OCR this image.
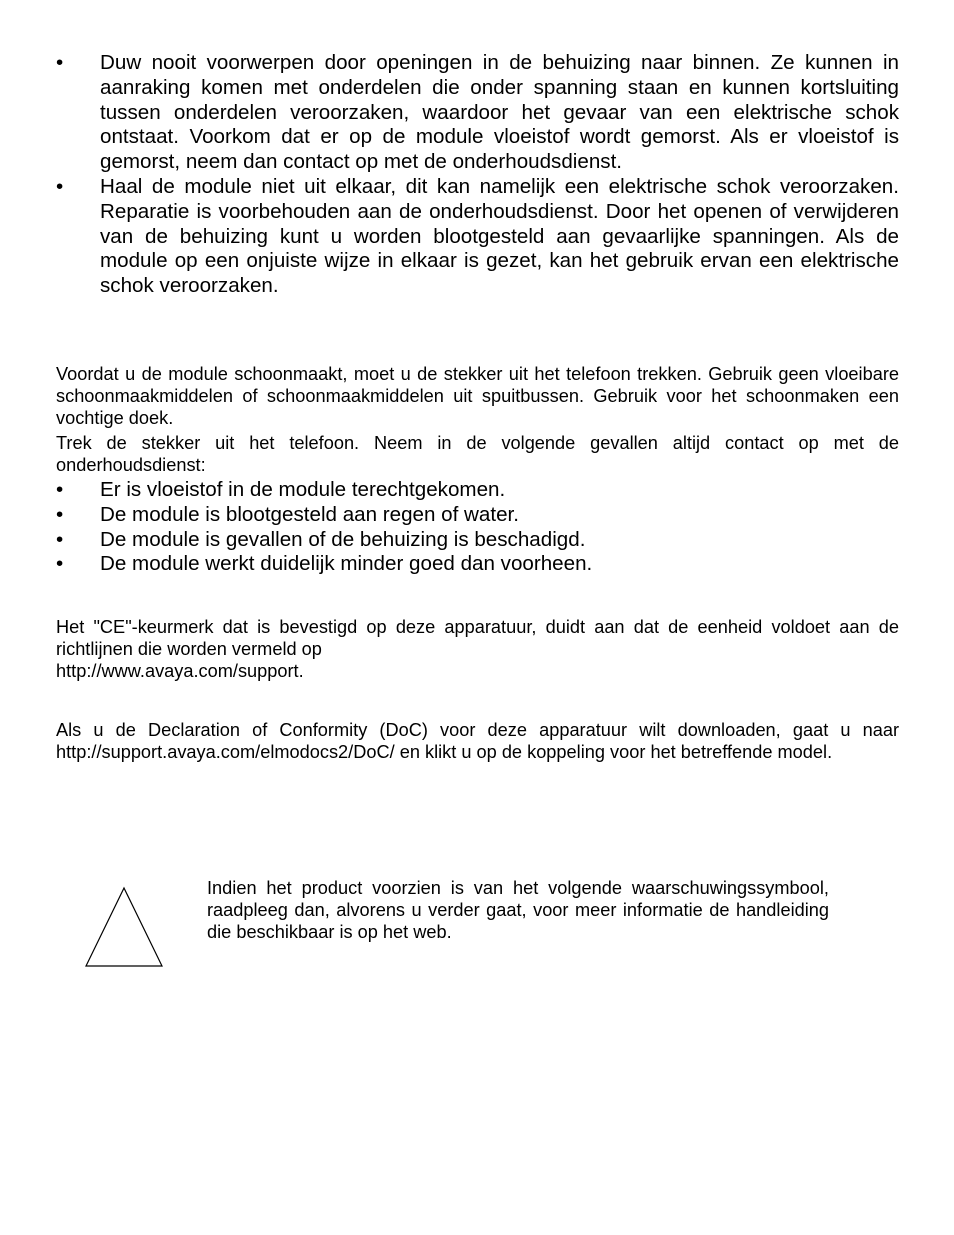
• Duw nooit voorwerpen door openingen in de behuizing naar binnen. Ze kunnen in aanraking komen met onderdelen die onder spanning staan en kunnen kortsluiting tussen onderdelen veroorzaken, waardoor het gevaar van een elektrische schok ontstaat. Voorkom dat er op de module vloeistof wordt gemorst. Als er vloeistof is gemorst, neem dan contact op met de onderhoudsdienst.
• Haal de module niet uit elkaar, dit kan namelijk een elektrische schok veroorzaken. Reparatie is voorbehouden aan de onderhoudsdienst. Door het openen of verwijderen van de behuizing kunt u worden blootgesteld aan gevaarlijke spanningen. Als de module op een onjuiste wijze in elkaar is gezet, kan het gebruik ervan een elektrische schok veroorzaken.

Voordat u de module schoonmaakt, moet u de stekker uit het telefoon trekken. Gebruik geen vloeibare schoonmaakmiddelen of schoonmaakmiddelen uit spuitbussen. Gebruik voor het schoonmaken een vochtige doek.

Trek de stekker uit het telefoon. Neem in de volgende gevallen altijd contact op met de onderhoudsdienst:

• Er is vloeistof in de module terechtgekomen.
• De module is blootgesteld aan regen of water.
• De module is gevallen of de behuizing is beschadigd.
• De module werkt duidelijk minder goed dan voorheen.
Het "CE"-keurmerk dat is bevestigd op deze apparatuur, duidt aan dat de eenheid voldoet aan de richtlijnen die worden vermeld op
http://www.avaya.com/support.

Als u de Declaration of Conformity (DoC) voor deze apparatuur wilt downloaden, gaat u naar http://support.avaya.com/elmodocs2/DoC/ en klikt u op de koppeling voor het betreffende model.

Indien het product voorzien is van het volgende waarschuwingssymbool, raadpleeg dan, alvorens u verder gaat, voor meer informatie de handleiding die beschikbaar is op het web.
